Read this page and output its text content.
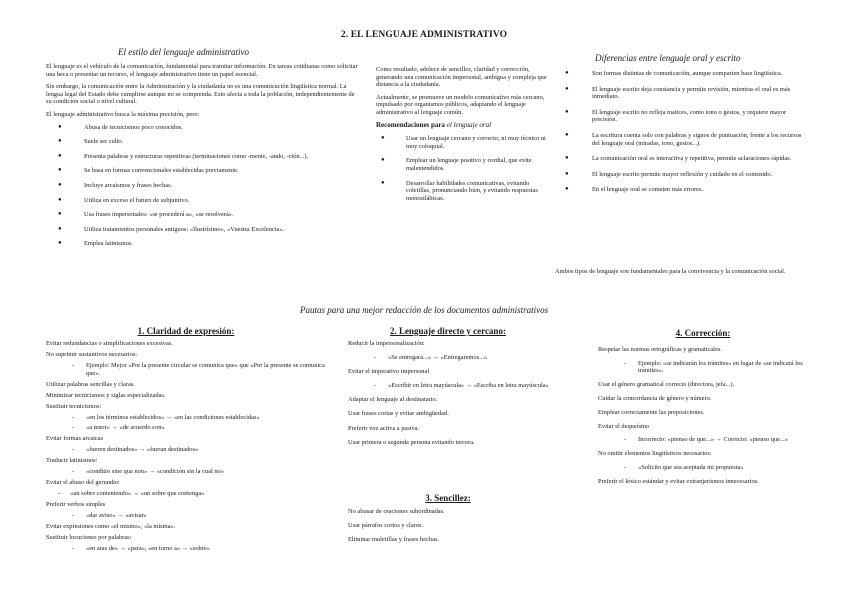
2. EL LENGUAJE ADMINISTRATIVO
El estilo del lenguaje administrativo

El lenguaje es el vehículo de la comunicación, fundamental para tramitar información. En tareas cotidianas como solicitar una beca o presentar un recurso, el lenguaje administrativo tiene un papel esencial.

Sin embargo, la comunicación entre la Administración y la ciudadanía no es una comunicación lingüística normal. La lengua legal del Estado debe cumplirse aunque no se comprenda. Esto afecta a toda la población, independientemente de su condición social o nivel cultural.

El lenguaje administrativo busca la máxima precisión, pero:

● Abusa de tecnicismos poco conocidos.
● Suele ser culto.
● Presenta palabras y estructuras repetitivas (terminaciones como -mente, -ando, -ción...).
● Se basa en formas convencionales establecidas previamente.
● Incluye arcaísmos y frases hechas.
● Utiliza en exceso el futuro de subjuntivo.
● Usa frases impersonales: «se procederá a», «se resolverá».
● Utiliza tratamientos personales antiguos: «Ilustrísimo», «Vuestra Excelencia».
● Emplea latinismos.

Como resultado, adolece de sencillez, claridad y corrección, generando una comunicación impersonal, ambigua y compleja que distancia a la ciudadanía.

Actualmente, se promueve un modelo comunicativo más cercano, impulsado por organismos públicos, adaptando el lenguaje administrativo al lenguaje común.

Recomendaciones para el lenguaje oral

● Usar un lenguaje cercano y correcto, ni muy técnico ni muy coloquial.
● Emplear un lenguaje positivo y cordial, que evite malentendidos.
● Desarrollar habilidades comunicativas, evitando coletillas, pronunciando bien, y evitando respuestas monosilábicas.
Diferencias entre lenguaje oral y escrito
● Son formas distintas de comunicación, aunque comparten base lingüística.
● El lenguaje escrito deja constancia y permite revisión, mientras el oral es más inmediato.
● El lenguaje escrito no refleja matices, como tono o gestos, y requiere mayor precisión.
● La escritura cuenta solo con palabras y signos de puntuación, frente a los recursos del lenguaje oral (miradas, tono, gestos...).
● La comunicación oral es interactiva y repetitiva, permite aclaraciones rápidas.
● El lenguaje escrito permite mayor reflexión y cuidado en el contenido.
● En el lenguaje oral se cometen más errores.
Ambos tipos de lenguaje son fundamentales para la convivencia y la comunicación social.
Pautas para una mejor redacción de los documentos administrativos
1. Claridad de expresión:

Evitar redundancias o simplificaciones excesivas.

No suprimir sustantivos necesarios:

- Ejemplo: Mejor «Por la presente circular se comunica que» que «Por la presente se comunica que».

Utilizar palabras sencillas y claras.

Minimizar tecnicismos y siglas especializadas.

Sustituir tecnicismos:

- «en los términos establecidos» → «en las condiciones establecidas»

- «a tenor» → «de acuerdo con»

Evitar formas arcaicas

- «fueren destinados» → «fueran destinados»

Traducir latinismos:

- «conditio sine qua non» → «condición sin la cual no»

Evitar el abuso del gerundio:

- «un sobre conteniendo» → «un sobre que contenga»

Preferir verbos simples

- «dar aviso» → «avisar»

Evitar expresiones como «el mismo», «la misma».

Sustituir locuciones por palabras:

- «en aras de» → «para», «en torno a» → «sobre»

2. Lenguaje directo y cercano:

Reducir la impersonalización:

- «Se entregará...» → «Entregaremos...»

Evitar el imperativo impersonal

- «Escríbir en letra mayúscula» → «Escriba en letra mayúscula»

Adaptar el lenguaje al destinatario.

Usar frases cortas y evitar ambigüedad.

Preferir voz activa a pasiva.

Usar primera o segunda persona evitando tercera.

3. Sencillez:

No abusar de oraciones subordinadas.

Usar párrafos cortos y claros.

Eliminar muletillas y frases hechas.

4. Corrección:

Respetar las normas ortográficas y gramaticales.

- Ejemplo: «se indicarán los trámites» en lugar de «se indicará los trámites».

Usar el género gramatical correcto (directora, jefa...).

Cuidar la concordancia de género y número.

Emplear correctamente las preposiciones.

Evitar el dequeísmo

- Incorrecto: «pienso de que...» → Correcto: «pienso que...»

No omitir elementos lingüísticos necesarios:

- «Solicito que sea aceptada mi propuesta»

Preferir el léxico estándar y evitar extranjerismos innecesarios.
